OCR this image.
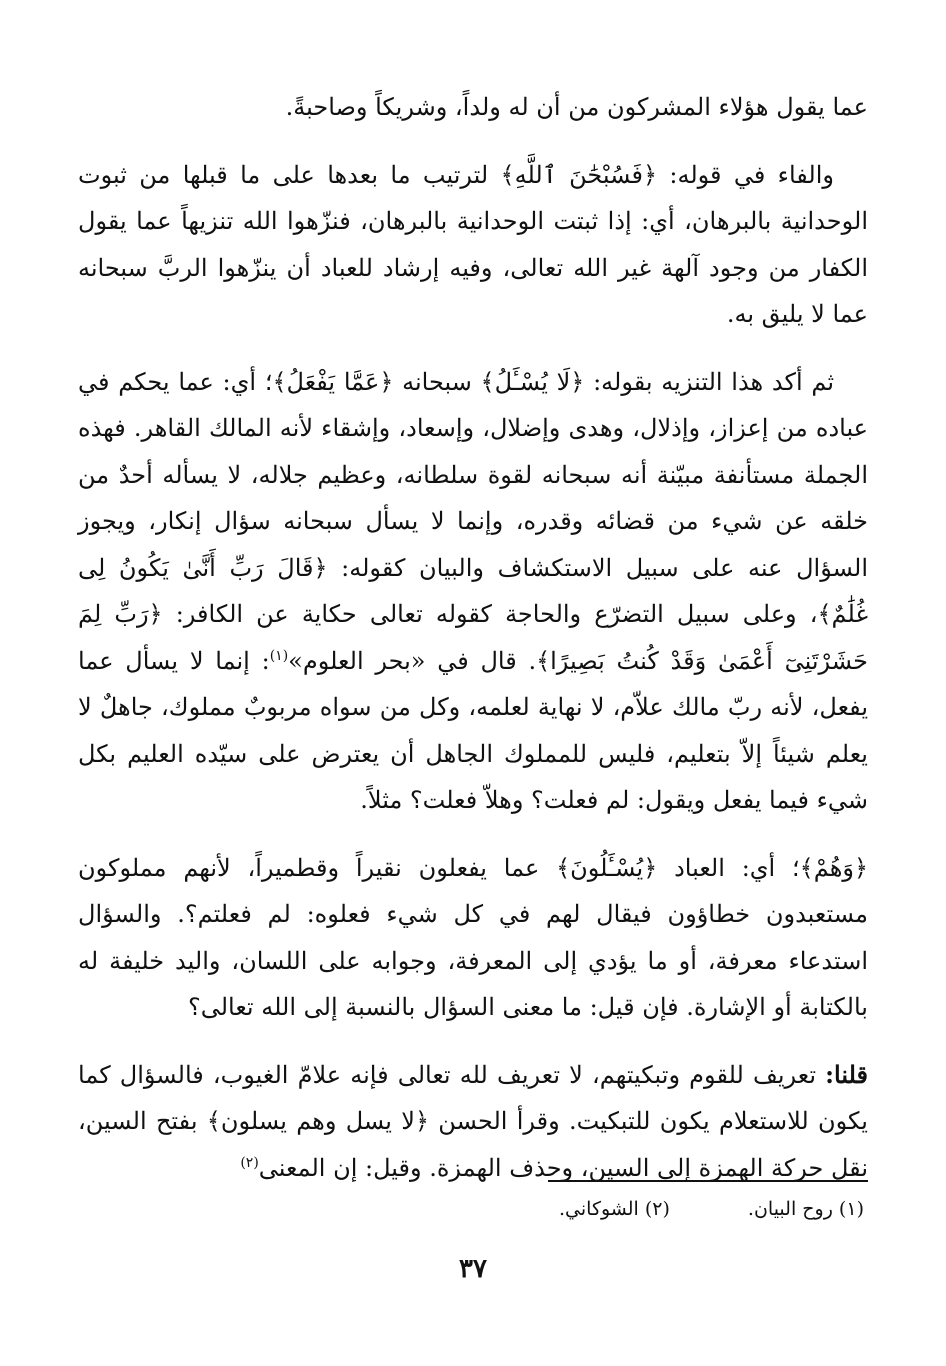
عما يقول هؤلاء المشركون من أن له ولداً، وشريكاً وصاحبةً.

والفاء في قوله: ﴿فَسُبْحَٰنَ ٱللَّهِ﴾ لترتيب ما بعدها على ما قبلها من ثبوت الوحدانية بالبرهان، أي: إذا ثبتت الوحدانية بالبرهان، فنزّهوا الله تنزيهاً عما يقول الكفار من وجود آلهة غير الله تعالى، وفيه إرشاد للعباد أن ينزّهوا الربَّ سبحانه عما لا يليق به.

ثم أكد هذا التنزيه بقوله: ﴿لَا يُسْـَٔلُ﴾ سبحانه ﴿عَمَّا يَفْعَلُ﴾؛ أي: عما يحكم في عباده من إعزاز، وإذلال، وهدى وإضلال، وإسعاد، وإشقاء لأنه المالك القاهر. فهذه الجملة مستأنفة مبيّنة أنه سبحانه لقوة سلطانه، وعظيم جلاله، لا يسأله أحدٌ من خلقه عن شيء من قضائه وقدره، وإنما لا يسأل سبحانه سؤال إنكار، ويجوز السؤال عنه على سبيل الاستكشاف والبيان كقوله: ﴿قَالَ رَبِّ أَنَّىٰ يَكُونُ لِى غُلَٰمٌ﴾، وعلى سبيل التضرّع والحاجة كقوله تعالى حكاية عن الكافر: ﴿رَبِّ لِمَ حَشَرْتَنِىٓ أَعْمَىٰ وَقَدْ كُنتُ بَصِيرًا﴾. قال في «بحر العلوم»$^{(١)}$: إنما لا يسأل عما يفعل، لأنه ربّ مالك علاّم، لا نهاية لعلمه، وكل من سواه مربوبٌ مملوك، جاهلٌ لا يعلم شيئاً إلاّ بتعليم، فليس للمملوك الجاهل أن يعترض على سيّده العليم بكل شيء فيما يفعل ويقول: لم فعلت؟ وهلاّ فعلت؟ مثلاً.

﴿وَهُمْ﴾؛ أي: العباد ﴿يُسْـَٔلُونَ﴾ عما يفعلون نقيراً وقطميراً، لأنهم مملوكون مستعبدون خطاؤون فيقال لهم في كل شيء فعلوه: لم فعلتم؟. والسؤال استدعاء معرفة، أو ما يؤدي إلى المعرفة، وجوابه على اللسان، واليد خليفة له بالكتابة أو الإشارة. فإن قيل: ما معنى السؤال بالنسبة إلى الله تعالى؟

قلنا: تعريف للقوم وتبكيتهم، لا تعريف لله تعالى فإنه علامّ الغيوب، فالسؤال كما يكون للاستعلام يكون للتبكيت. وقرأ الحسن ﴿لا يسل وهم يسلون﴾ بفتح السين، نقل حركة الهمزة إلى السين، وحذف الهمزة. وقيل: إن المعنى$^{(٢)}$

(١) روح البيان.
(٢) الشوكاني.
٣٧
